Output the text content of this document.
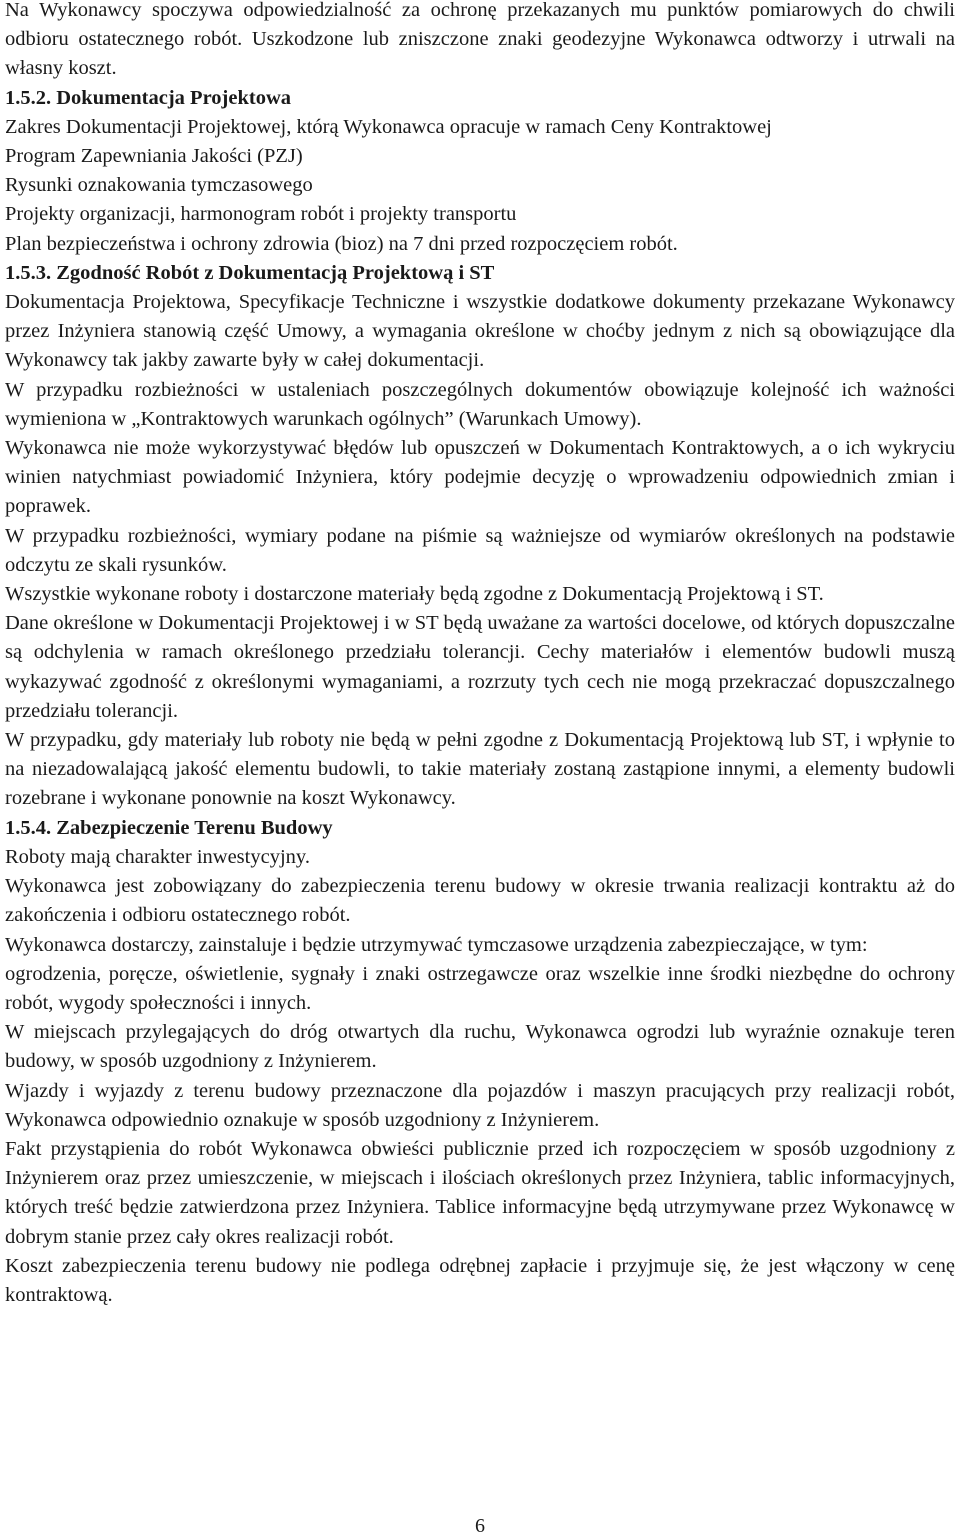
Na Wykonawcy spoczywa odpowiedzialność za ochronę przekazanych mu punktów pomiarowych do chwili odbioru ostatecznego robót. Uszkodzone lub zniszczone znaki geodezyjne Wykonawca odtworzy i utrwali na własny koszt.

1.5.2. Dokumentacja Projektowa

Zakres Dokumentacji Projektowej, którą Wykonawca opracuje w ramach Ceny Kontraktowej

Program Zapewniania Jakości (PZJ)

Rysunki oznakowania tymczasowego

Projekty organizacji, harmonogram robót i projekty transportu

Plan bezpieczeństwa i ochrony zdrowia (bioz) na 7 dni przed rozpoczęciem robót.

1.5.3. Zgodność Robót z Dokumentacją Projektową i ST

Dokumentacja Projektowa, Specyfikacje Techniczne i wszystkie dodatkowe dokumenty przekazane Wykonawcy przez Inżyniera stanowią część Umowy, a wymagania określone w choćby jednym z nich są obowiązujące dla Wykonawcy tak jakby zawarte były w całej dokumentacji.

W przypadku rozbieżności w ustaleniach poszczególnych dokumentów obowiązuje kolejność ich ważności wymieniona w „Kontraktowych warunkach ogólnych” (Warunkach Umowy).

Wykonawca nie może wykorzystywać błędów lub opuszczeń w Dokumentach Kontraktowych, a o ich wykryciu winien natychmiast powiadomić Inżyniera, który podejmie decyzję o wprowadzeniu odpowiednich zmian i poprawek.

W przypadku rozbieżności, wymiary podane na piśmie są ważniejsze od wymiarów określonych na podstawie odczytu ze skali rysunków.

Wszystkie wykonane roboty i dostarczone materiały będą zgodne z Dokumentacją Projektową i ST.

Dane określone w Dokumentacji Projektowej i w ST będą uważane za wartości docelowe, od których dopuszczalne są odchylenia w ramach określonego przedziału tolerancji. Cechy materiałów i elementów budowli muszą wykazywać zgodność z określonymi wymaganiami, a rozrzuty tych cech nie mogą przekraczać dopuszczalnego przedziału tolerancji.

W przypadku, gdy materiały lub roboty nie będą w pełni zgodne z Dokumentacją Projektową lub ST, i wpłynie to na niezadowalającą jakość elementu budowli, to takie materiały zostaną zastąpione innymi, a elementy budowli rozebrane i wykonane ponownie na koszt Wykonawcy.

1.5.4. Zabezpieczenie Terenu Budowy

Roboty mają charakter inwestycyjny.

Wykonawca jest zobowiązany do zabezpieczenia terenu budowy w okresie trwania realizacji kontraktu aż do zakończenia i odbioru ostatecznego robót.

Wykonawca dostarczy, zainstaluje i będzie utrzymywać tymczasowe urządzenia zabezpieczające, w tym:

ogrodzenia, poręcze, oświetlenie, sygnały i znaki ostrzegawcze oraz wszelkie inne środki niezbędne do ochrony robót, wygody społeczności i innych.

W miejscach przylegających do dróg otwartych dla ruchu, Wykonawca ogrodzi lub wyraźnie oznakuje teren budowy, w sposób uzgodniony z Inżynierem.

Wjazdy i wyjazdy z terenu budowy przeznaczone dla pojazdów i maszyn pracujących przy realizacji robót, Wykonawca odpowiednio oznakuje w sposób uzgodniony z Inżynierem.

Fakt przystąpienia do robót Wykonawca obwieści publicznie przed ich rozpoczęciem w sposób uzgodniony z Inżynierem oraz przez umieszczenie, w miejscach i ilościach określonych przez Inżyniera, tablic informacyjnych, których treść będzie zatwierdzona przez Inżyniera. Tablice informacyjne będą utrzymywane przez Wykonawcę w dobrym stanie przez cały okres realizacji robót.

Koszt zabezpieczenia terenu budowy nie podlega odrębnej zapłacie i przyjmuje się, że jest włączony w cenę kontraktową.

6
